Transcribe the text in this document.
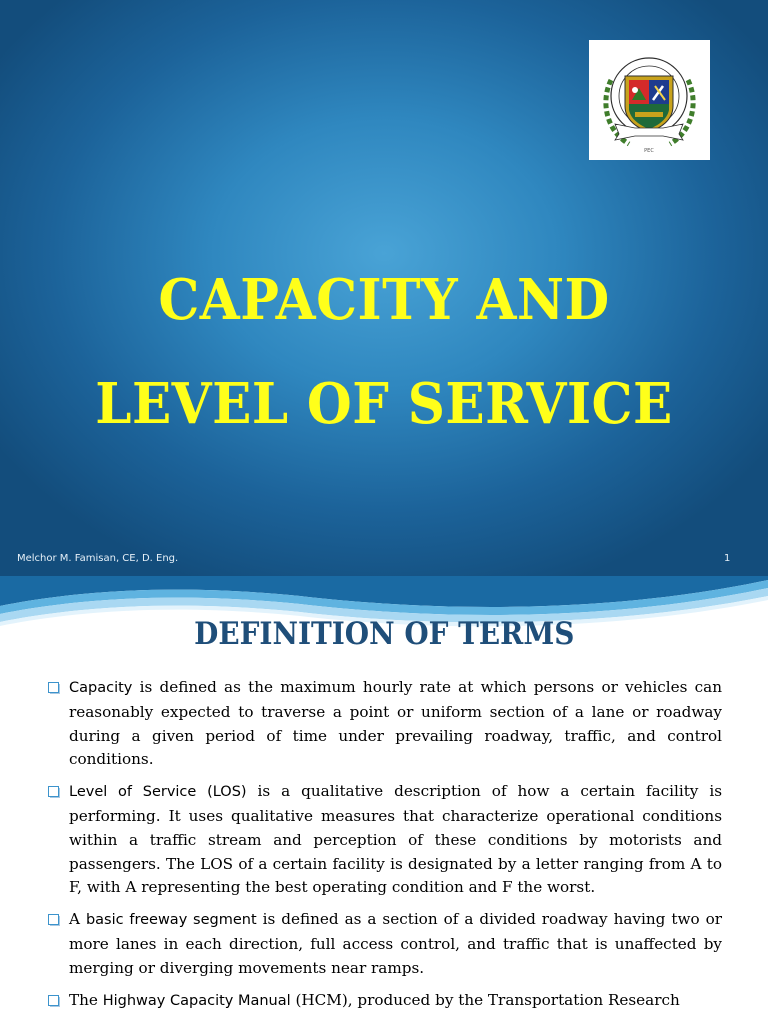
PEC
CAPACITY AND
LEVEL OF SERVICE
Melchor M. Famisan, CE, D. Eng.	1
DEFINITION OF TERMS
Capacity is defined as the maximum hourly rate at which persons or vehicles can reasonably expected to traverse a point or uniform section of a lane or roadway during a given period of time under prevailing roadway, traffic, and control conditions.
Level of Service (LOS) is a qualitative description of how a certain facility is performing. It uses qualitative measures that characterize operational conditions within a traffic stream and perception of these conditions by motorists and passengers. The LOS of a certain facility is designated by a letter ranging from A to F, with A representing the best operating condition and F the worst.
A basic freeway segment is defined as a section of a divided roadway having two or more lanes in each direction, full access control, and traffic that is unaffected by merging or diverging movements near ramps.
The Highway Capacity Manual (HCM), produced by the Transportation Research
